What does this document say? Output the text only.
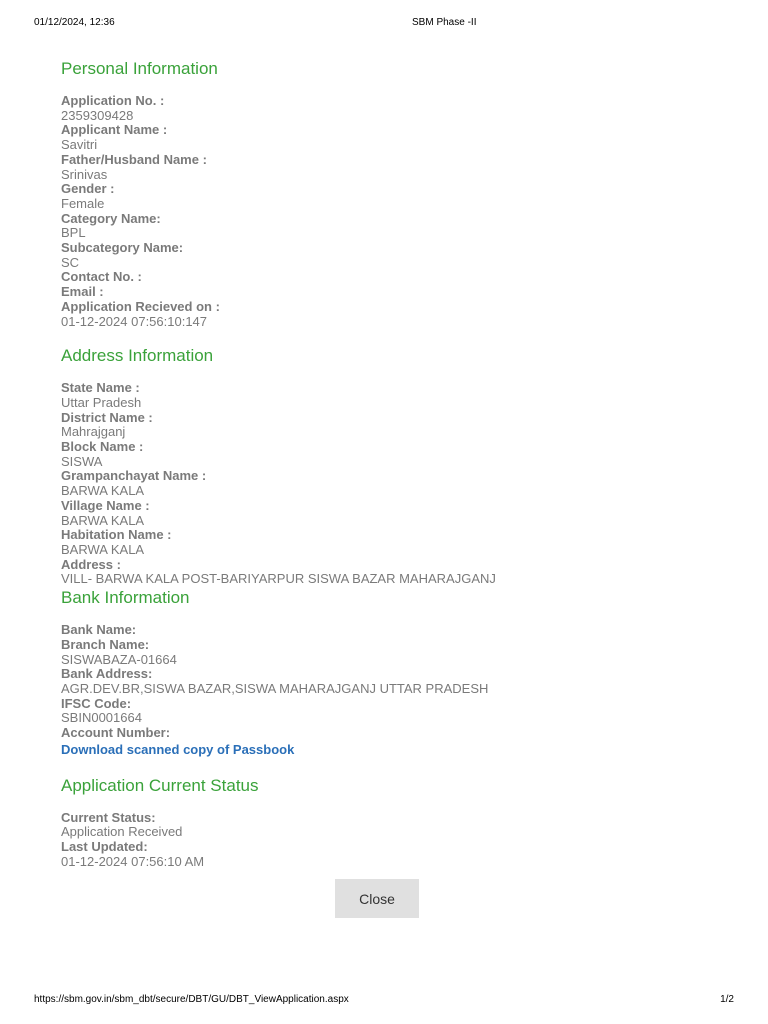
01/12/2024, 12:36	SBM Phase -II
Personal Information
Application No. :
2359309428
Applicant Name :
Savitri
Father/Husband Name :
Srinivas
Gender :
Female
Category Name:
BPL
Subcategory Name:
SC
Contact No. :
Email :
Application Recieved on :
01-12-2024 07:56:10:147
Address Information
State Name :
Uttar Pradesh
District Name :
Mahrajganj
Block Name :
SISWA
Grampanchayat Name :
BARWA KALA
Village Name :
BARWA KALA
Habitation Name :
BARWA KALA
Address :
VILL- BARWA KALA POST-BARIYARPUR SISWA BAZAR MAHARAJGANJ
Bank Information
Bank Name:
Branch Name:
SISWABAZA-01664
Bank Address:
AGR.DEV.BR,SISWA BAZAR,SISWA MAHARAJGANJ UTTAR PRADESH
IFSC Code:
SBIN0001664
Account Number:
Download scanned copy of Passbook
Application Current Status
Current Status:
Application Received
Last Updated:
01-12-2024 07:56:10 AM
Close
https://sbm.gov.in/sbm_dbt/secure/DBT/GU/DBT_ViewApplication.aspx	1/2
